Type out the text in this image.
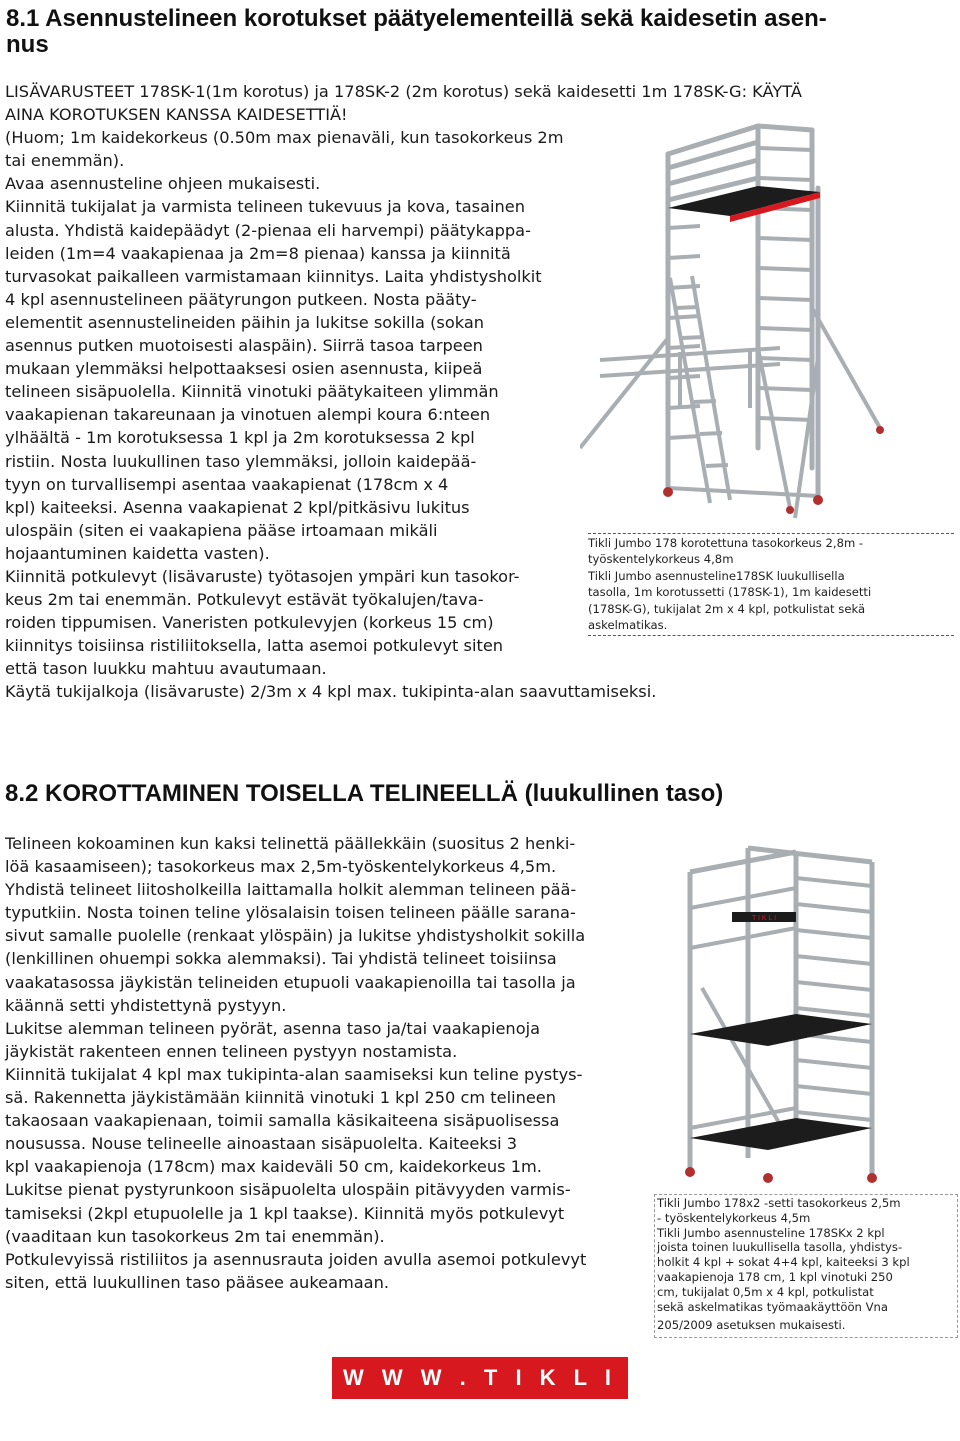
8.1 Asennustelineen korotukset päätyelementeillä sekä kaidesetin asen-
nus
LISÄVARUSTEET 178SK-1(1m korotus) ja 178SK-2 (2m korotus) sekä kaidesetti 1m 178SK-G: KÄYTÄ
AINA KOROTUKSEN KANSSA KAIDESETTIÄ!
(Huom; 1m kaidekorkeus (0.50m max pienaväli, kun tasokorkeus 2m
tai enemmän).
Avaa asennusteline ohjeen mukaisesti.
Kiinnitä tukijalat ja varmista telineen tukevuus ja kova, tasainen
alusta. Yhdistä kaidepäädyt (2-pienaa eli harvempi) päätykappa-
leiden (1m=4 vaakapienaa ja 2m=8 pienaa) kanssa ja kiinnitä
turvasokat paikalleen varmistamaan kiinnitys. Laita yhdistysholkit
4 kpl asennustelineen päätyrungon putkeen. Nosta pääty-
elementit asennustelineiden päihin ja lukitse sokilla (sokan
asennus putken muotoisesti alaspäin). Siirrä tasoa tarpeen
mukaan ylemmäksi helpottaaksesi osien asennusta, kiipeä
telineen sisäpuolella. Kiinnitä vinotuki päätykaiteen ylimmän
vaakapienan takareunaan ja vinotuen alempi koura 6:nteen
ylhäältä - 1m korotuksessa 1 kpl ja 2m korotuksessa 2 kpl
ristiin. Nosta luukullinen taso ylemmäksi, jolloin kaidepää-
tyyn on turvallisempi asentaa vaakapienat (178cm x 4
kpl) kaiteeksi. Asenna vaakapienat 2 kpl/pitkäsivu lukitus
ulospäin (siten ei vaakapiena pääse irtoamaan mikäli
hojaantuminen kaidetta vasten).
Kiinnitä potkulevyt (lisävaruste) työtasojen ympäri kun tasokor-
keus 2m tai enemmän. Potkulevyt estävät työkalujen/tava-
roiden tippumisen. Vaneristen potkulevyjen (korkeus 15 cm)
kiinnitys toisiinsa ristiliitoksella, latta asemoi potkulevyt siten
että tason luukku mahtuu avautumaan.
Käytä tukijalkoja (lisävaruste) 2/3m x 4 kpl max. tukipinta-alan saavuttamiseksi.
Tikli Jumbo 178 korotettuna tasokorkeus 2,8m -
työskentelykorkeus 4,8m
Tikli Jumbo asennusteline178SK luukullisella
tasolla, 1m korotussetti (178SK-1), 1m kaidesetti
(178SK-G), tukijalat 2m x 4 kpl, potkulistat sekä
askelmatikas.
8.2 KOROTTAMINEN TOISELLA TELINEELLÄ (luukullinen taso)
Telineen kokoaminen kun kaksi telinettä päällekkäin (suositus 2 henki-
löä kasaamiseen); tasokorkeus max 2,5m-työskentelykorkeus 4,5m.
Yhdistä telineet liitosholkeilla laittamalla holkit alemman telineen pää-
typutkiin. Nosta toinen teline ylösalaisin toisen telineen päälle sarana-
sivut samalle puolelle (renkaat ylöspäin) ja lukitse yhdistysholkit sokilla
(lenkillinen ohuempi sokka alemmaksi). Tai yhdistä telineet toisiinsa
vaakatasossa jäykistän telineiden etupuoli vaakapienoilla tai tasolla ja
käännä setti yhdistettynä pystyyn.
Lukitse alemman telineen pyörät, asenna taso ja/tai vaakapienoja
jäykistät rakenteen ennen telineen pystyyn nostamista.
Kiinnitä tukijalat 4 kpl max tukipinta-alan saamiseksi kun teline pystys-
sä. Rakennetta jäykistämään kiinnitä vinotuki 1 kpl 250 cm telineen
takaosaan vaakapienaan, toimii samalla käsikaiteena sisäpuolisessa
nousussa. Nouse telineelle ainoastaan sisäpuolelta. Kaiteeksi 3
kpl vaakapienoja (178cm) max kaideväli 50 cm, kaidekorkeus 1m.
Lukitse pienat pystyrunkoon sisäpuolelta ulospäin pitävyyden varmis-
tamiseksi (2kpl etupuolelle ja 1 kpl taakse). Kiinnitä myös potkulevyt
(vaaditaan kun tasokorkeus 2m tai enemmän).
Potkulevyissä ristiliitos ja asennusrauta joiden avulla asemoi potkulevyt
siten, että luukullinen taso pääsee aukeamaan.
T I K L I
Tikli Jumbo 178x2 -setti tasokorkeus 2,5m
- työskentelykorkeus 4,5m
Tikli Jumbo asennusteline 178SKx 2 kpl
joista toinen luukullisella tasolla, yhdistys-
holkit 4 kpl + sokat 4+4 kpl, kaiteeksi 3 kpl
vaakapienoja 178 cm, 1 kpl vinotuki 250
cm, tukijalat 0,5m x 4 kpl, potkulistat
sekä askelmatikas työmaakäyttöön Vna
205/2009 asetuksen mukaisesti.
W W W . T I K L I . C O M
